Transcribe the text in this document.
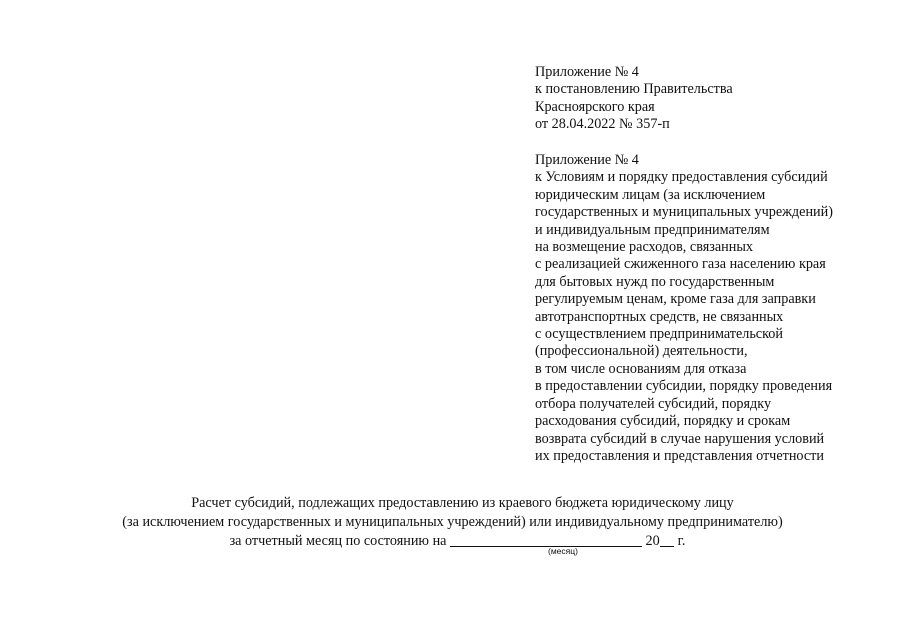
Приложение № 4
к постановлению Правительства
Красноярского края
от 28.04.2022 № 357-п
Приложение № 4
к Условиям и порядку предоставления субсидий
юридическим лицам (за исключением
государственных и муниципальных учреждений)
и индивидуальным предпринимателям
на возмещение расходов, связанных
с реализацией сжиженного газа населению края
для бытовых нужд по государственным
регулируемым ценам, кроме газа для заправки
автотранспортных средств, не связанных
с осуществлением предпринимательской
(профессиональной) деятельности,
в том числе основаниям для отказа
в предоставлении субсидии, порядку проведения
отбора получателей субсидий, порядку
расходования субсидий, порядку и срокам
возврата субсидий в случае нарушения условий
их предоставления и представления отчетности
Расчет субсидий, подлежащих предоставлению из краевого бюджета юридическому лицу
(за исключением государственных и муниципальных учреждений) или индивидуальному предпринимателю)
за отчетный месяц по состоянию на	20 г.
(месяц)
